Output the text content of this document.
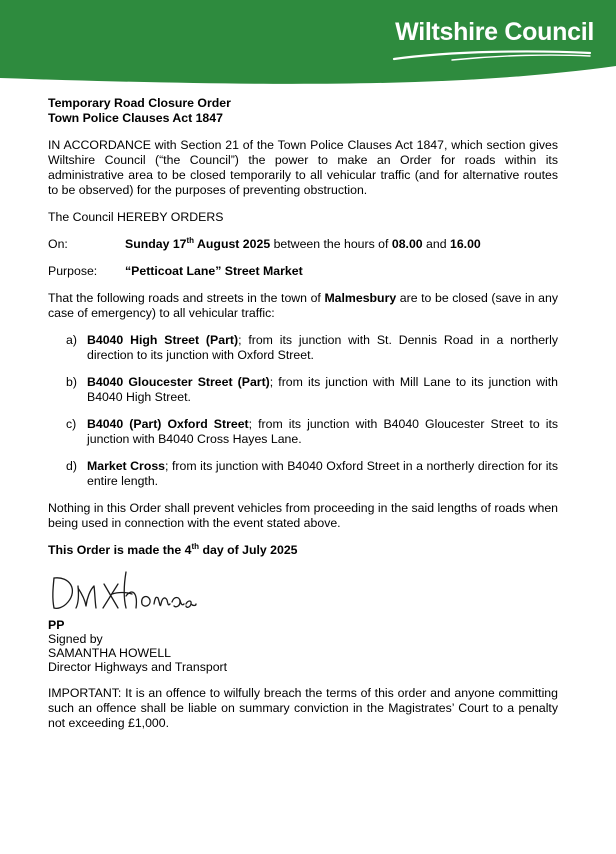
Wiltshire Council
Temporary Road Closure Order
Town Police Clauses Act 1847

IN ACCORDANCE with Section 21 of the Town Police Clauses Act 1847, which section gives Wiltshire Council (“the Council”) the power to make an Order for roads within its administrative area to be closed temporarily to all vehicular traffic (and for alternative routes to be observed) for the purposes of preventing obstruction.

The Council HEREBY ORDERS

On:	Sunday 17th August 2025 between the hours of 08.00 and 16.00
Purpose:	“Petticoat Lane” Street Market

That the following roads and streets in the town of Malmesbury are to be closed (save in any case of emergency) to all vehicular traffic:

a) B4040 High Street (Part); from its junction with St. Dennis Road in a northerly direction to its junction with Oxford Street.
b) B4040 Gloucester Street (Part); from its junction with Mill Lane to its junction with B4040 High Street.
c) B4040 (Part) Oxford Street; from its junction with B4040 Gloucester Street to its junction with B4040 Cross Hayes Lane.
d) Market Cross; from its junction with B4040 Oxford Street in a northerly direction for its entire length.

Nothing in this Order shall prevent vehicles from proceeding in the said lengths of roads when being used in connection with the event stated above.

This Order is made the 4th day of July 2025
PP
Signed by
SAMANTHA HOWELL
Director Highways and Transport

IMPORTANT: It is an offence to wilfully breach the terms of this order and anyone committing such an offence shall be liable on summary conviction in the Magistrates’ Court to a penalty not exceeding £1,000.
